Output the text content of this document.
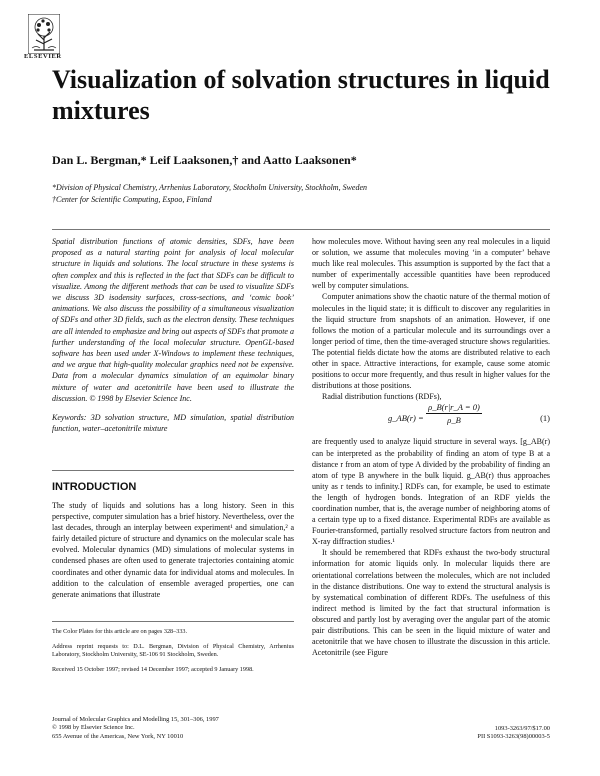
ELSEVIER
Visualization of solvation structures in liquid mixtures
Dan L. Bergman,* Leif Laaksonen,† and Aatto Laaksonen*
*Division of Physical Chemistry, Arrhenius Laboratory, Stockholm University, Stockholm, Sweden
†Center for Scientific Computing, Espoo, Finland

Spatial distribution functions of atomic densities, SDFs, have been proposed as a natural starting point for analysis of local molecular structure in liquids and solutions. The local structure in these systems is often complex and this is reflected in the fact that SDFs can be difficult to visualize. Among the different methods that can be used to visualize SDFs we discuss 3D isodensity surfaces, cross-sections, and ‘comic book’ animations. We also discuss the possibility of a simultaneous visualization of SDFs and other 3D fields, such as the electron density. These techniques are all intended to emphasize and bring out aspects of SDFs that promote a further understanding of the local molecular structure. OpenGL-based software has been used under X-Windows to implement these techniques, and we argue that high-quality molecular graphics need not be expensive. Data from a molecular dynamics simulation of an equimolar binary mixture of water and acetonitrile have been used to illustrate the discussion. © 1998 by Elsevier Science Inc.

Keywords: 3D solvation structure, MD simulation, spatial distribution function, water–acetonitrile mixture

INTRODUCTION

The study of liquids and solutions has a long history. Seen in this perspective, computer simulation has a brief history. Nevertheless, over the last decades, through an interplay between experiment¹ and simulation,² a fairly detailed picture of structure and dynamics on the molecular scale has evolved. Molecular dynamics (MD) simulations of molecular systems in condensed phases are often used to generate trajectories containing atomic coordinates and other dynamic data for individual atoms and molecules. In addition to the calculation of ensemble averaged properties, one can generate animations that illustrate

The Color Plates for this article are on pages 328–333.

Address reprint requests to: D.L. Bergman, Division of Physical Chemistry, Arrhenius Laboratory, Stockholm University, SE-106 91 Stockholm, Sweden.

Received 15 October 1997; revised 14 December 1997; accepted 9 January 1998.

how molecules move. Without having seen any real molecules in a liquid or solution, we assume that molecules moving ‘in a computer’ behave much like real molecules. This assumption is supported by the fact that a number of experimentally accessible quantities have been reproduced well by computer simulations.

Computer animations show the chaotic nature of the thermal motion of molecules in the liquid state; it is difficult to discover any regularities in the liquid structure from snapshots of an animation. However, if one follows the motion of a particular molecule and its surroundings over a longer period of time, then the time-averaged structure shows regularities. The potential fields dictate how the atoms are distributed relative to each other in space. Attractive interactions, for example, cause some atomic positions to occur more frequently, and thus result in higher values for the distributions at those positions.

Radial distribution functions (RDFs),

g_AB(r) = $\frac{\rho\_B(r|r\_A = 0)}{\rho\_B}$	(1)

are frequently used to analyze liquid structure in several ways. [g_AB(r) can be interpreted as the probability of finding an atom of type B at a distance r from an atom of type A divided by the probability of finding an atom of type B anywhere in the bulk liquid. g_AB(r) thus approaches unity as r tends to infinity.] RDFs can, for example, be used to estimate the length of hydrogen bonds. Integration of an RDF yields the coordination number, that is, the average number of neighboring atoms of a certain type up to a fixed distance. Experimental RDFs are available as Fourier-transformed, partially resolved structure factors from neutron and X-ray diffraction studies.¹

It should be remembered that RDFs exhaust the two-body structural information for atomic liquids only. In molecular liquids there are orientational correlations between the molecules, which are not included in the distance distributions. One way to extend the structural analysis is by systematical combination of different RDFs. The usefulness of this indirect method is limited by the fact that structural information is obscured and partly lost by averaging over the angular part of the atomic pair distributions. This can be seen in the liquid mixture of water and acetonitrile that we have chosen to illustrate the discussion in this article. Acetonitrile (see Figure

Journal of Molecular Graphics and Modelling 15, 301–306, 1997
© 1998 by Elsevier Science Inc.
655 Avenue of the Americas, New York, NY 10010
1093-3263/97/$17.00
PII S1093-3263(98)00003-5
